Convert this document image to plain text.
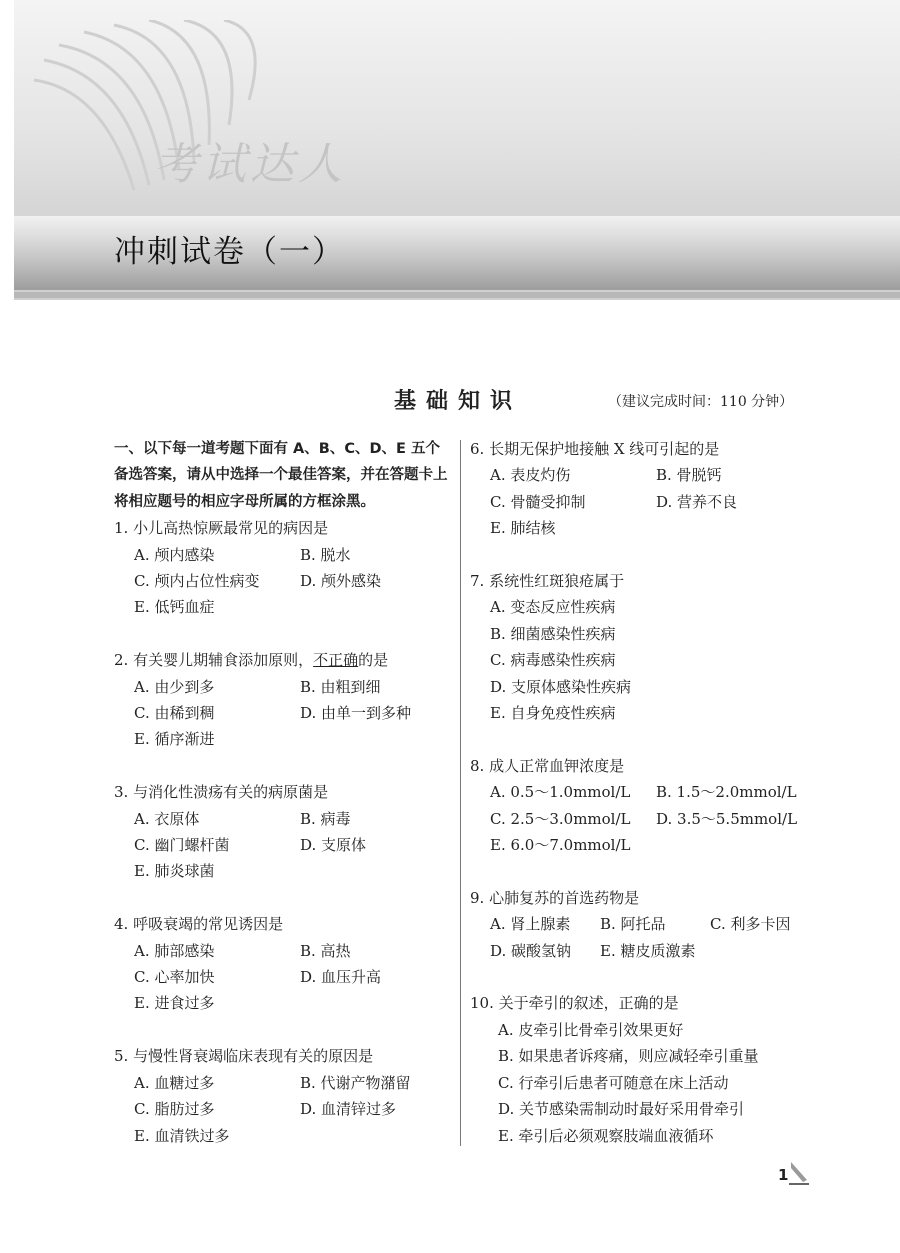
考试达人
冲刺试卷（一）
基础知识	（建议完成时间：110 分钟）
一、以下每一道考题下面有 A、B、C、D、E 五个备选答案，请从中选择一个最佳答案，并在答题卡上将相应题号的相应字母所属的方框涂黑。
1. 小儿高热惊厥最常见的病因是
A. 颅内感染	B. 脱水
C. 颅内占位性病变	D. 颅外感染
E. 低钙血症
2. 有关婴儿期辅食添加原则，不正确的是
A. 由少到多	B. 由粗到细
C. 由稀到稠	D. 由单一到多种
E. 循序渐进
3. 与消化性溃疡有关的病原菌是
A. 衣原体	B. 病毒
C. 幽门螺杆菌	D. 支原体
E. 肺炎球菌
4. 呼吸衰竭的常见诱因是
A. 肺部感染	B. 高热
C. 心率加快	D. 血压升高
E. 进食过多
5. 与慢性肾衰竭临床表现有关的原因是
A. 血糖过多	B. 代谢产物潴留
C. 脂肪过多	D. 血清锌过多
E. 血清铁过多
6. 长期无保护地接触 X 线可引起的是
A. 表皮灼伤	B. 骨脱钙
C. 骨髓受抑制	D. 营养不良
E. 肺结核
7. 系统性红斑狼疮属于
A. 变态反应性疾病
B. 细菌感染性疾病
C. 病毒感染性疾病
D. 支原体感染性疾病
E. 自身免疫性疾病
8. 成人正常血钾浓度是
A. 0.5～1.0mmol/L	B. 1.5～2.0mmol/L
C. 2.5～3.0mmol/L	D. 3.5～5.5mmol/L
E. 6.0～7.0mmol/L
9. 心肺复苏的首选药物是
A. 肾上腺素	B. 阿托品	C. 利多卡因
D. 碳酸氢钠	E. 糖皮质激素
10. 关于牵引的叙述，正确的是
A. 皮牵引比骨牵引效果更好
B. 如果患者诉疼痛，则应减轻牵引重量
C. 行牵引后患者可随意在床上活动
D. 关节感染需制动时最好采用骨牵引
E. 牵引后必须观察肢端血液循环
1
